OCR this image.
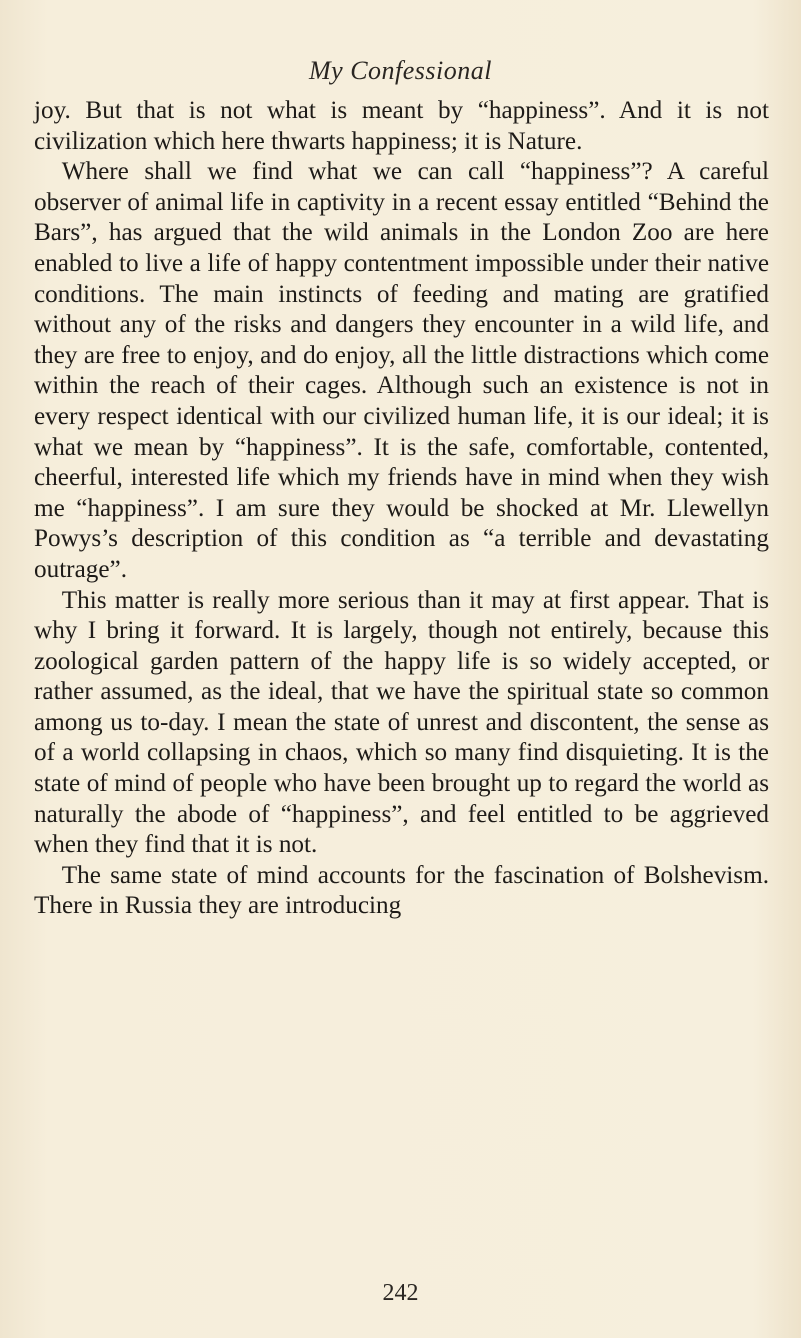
My Confessional

joy. But that is not what is meant by “happiness”. And it is not civilization which here thwarts happiness; it is Nature.

Where shall we find what we can call “happiness”? A careful observer of animal life in captivity in a recent essay entitled “Behind the Bars”, has argued that the wild animals in the London Zoo are here enabled to live a life of happy contentment impossible under their native conditions. The main instincts of feeding and mating are gratified without any of the risks and dangers they encounter in a wild life, and they are free to enjoy, and do enjoy, all the little distractions which come within the reach of their cages. Although such an existence is not in every respect identical with our civilized human life, it is our ideal; it is what we mean by “happiness”. It is the safe, comfortable, contented, cheerful, interested life which my friends have in mind when they wish me “happiness”. I am sure they would be shocked at Mr. Llewellyn Powys’s description of this condition as “a terrible and devastating outrage”.

This matter is really more serious than it may at first appear. That is why I bring it forward. It is largely, though not entirely, because this zoological garden pattern of the happy life is so widely accepted, or rather assumed, as the ideal, that we have the spiritual state so common among us to-day. I mean the state of unrest and discontent, the sense as of a world collapsing in chaos, which so many find disquieting. It is the state of mind of people who have been brought up to regard the world as naturally the abode of “happiness”, and feel entitled to be aggrieved when they find that it is not.

The same state of mind accounts for the fascination of Bolshevism. There in Russia they are introducing

242
